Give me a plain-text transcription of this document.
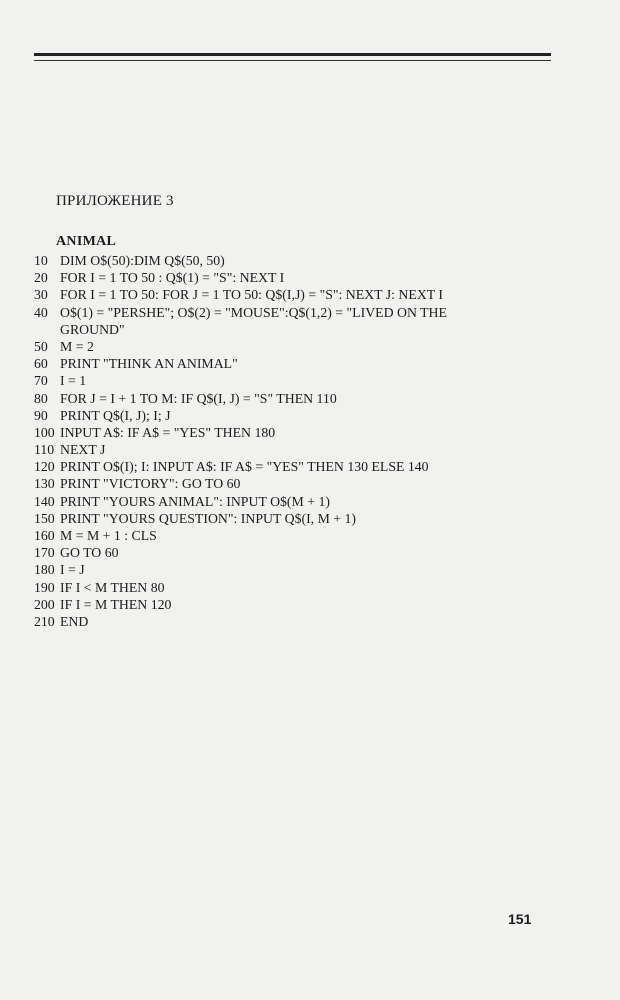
ПРИЛОЖЕНИЕ 3
ANIMAL
10 DIM O$(50):DIM Q$(50, 50)
20 FOR I = 1 TO 50 : Q$(1) = "S": NEXT I
30 FOR I = 1 TO 50: FOR J = 1 TO 50: Q$(I,J) = "S": NEXT J: NEXT I
40 O$(1) = "PERSHE"; O$(2) = "MOUSE":Q$(1,2) = "LIVED ON THE
GROUND"
50 M = 2
60 PRINT "THINK AN ANIMAL"
70 I = 1
80 FOR J = I + 1 TO M: IF Q$(I, J) = "S" THEN 110
90 PRINT Q$(I, J); I; J
100 INPUT A$: IF A$ = "YES" THEN 180
110 NEXT J
120 PRINT O$(I); I: INPUT A$: IF A$ = "YES" THEN 130 ELSE 140
130 PRINT "VICTORY": GO TO 60
140 PRINT "YOURS ANIMAL": INPUT O$(M + 1)
150 PRINT "YOURS QUESTION": INPUT Q$(I, M + 1)
160 M = M + 1 : CLS
170 GO TO 60
180 I = J
190 IF I < M THEN 80
200 IF I = M THEN 120
210 END
151
